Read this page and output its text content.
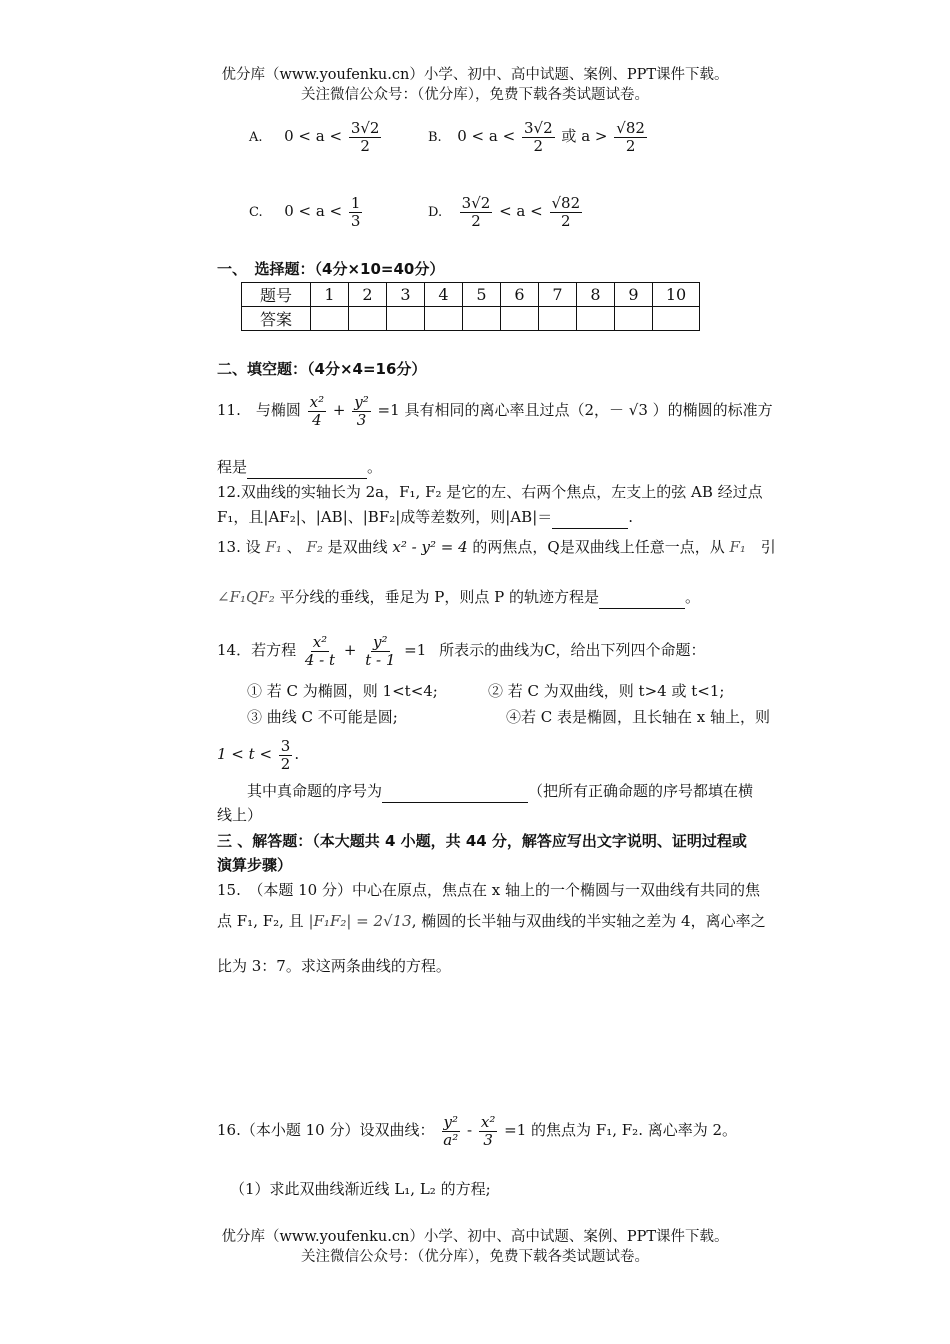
优分库（www.youfenku.cn）小学、初中、高中试题、案例、PPT课件下载。
关注微信公众号：（优分库），免费下载各类试题试卷。
A. $0 < a < \frac{3√2}{2}$	B. $0 < a < \frac{3√2}{2}$ 或 $a > \frac{√82}{2}$
C. $0 < a < \frac{1}{3}$	D. $\frac{3√2}{2} < a < \frac{√82}{2}$
一、　选择题：（4分×10=40分）
题号	1	2	3	4	5	6	7	8	9	10
答案										
二、填空题：（4分×4=16分）
11.　与椭圆 $\frac{\text{x²}}{4} + \frac{\text{y²}}{3} =1$ 具有相同的离心率且过点（2，－ √3 ）的椭圆的标准方
程是	。
12.双曲线的实轴长为 2a，F₁, F₂ 是它的左、右两个焦点，左支上的弦 AB 经过点
F₁，且|AF₂|、|AB|、|BF₂|成等差数列，则|AB|＝	.
13. 设 F₁ 、 F₂ 是双曲线 x² - y² = 4 的两焦点，Q是双曲线上任意一点，从 F₁ 引
∠F₁QF₂ 平分线的垂线，垂足为 P，则点 P 的轨迹方程是	。
14．若方程 $\frac{\text{x²}}{4 - t} + \frac{\text{y²}}{t - 1} =1$ 所表示的曲线为C，给出下列四个命题：
① 若 C 为椭圆，则 1<t<4;	② 若 C 为双曲线，则 t>4 或 t<1;
③ 曲线 C 不可能是圆;	④若 C 表是椭圆，且长轴在 x 轴上，则
$1 < t < \frac{3}{2}$ .
其中真命题的序号为	（把所有正确命题的序号都填在横
线上）
三 、解答题：（本大题共 4 小题，共 44 分，解答应写出文字说明、证明过程或
演算步骤）
15.　（本题 10 分）中心在原点，焦点在 x 轴上的一个椭圆与一双曲线有共同的焦
点 F₁, F₂, 且 |F₁F₂| = 2√13, 椭圆的长半轴与双曲线的半实轴之差为 4，离心率之
比为 3：7。求这两条曲线的方程。
16.（本小题 10 分）设双曲线： $\frac{\text{y²}}{\text{a²}} - \frac{\text{x²}}{3} =1$ 的焦点为 F₁, F₂. 离心率为 2。
（1）求此双曲线渐近线 L₁, L₂ 的方程;
优分库（www.youfenku.cn）小学、初中、高中试题、案例、PPT课件下载。
关注微信公众号：（优分库），免费下载各类试题试卷。
